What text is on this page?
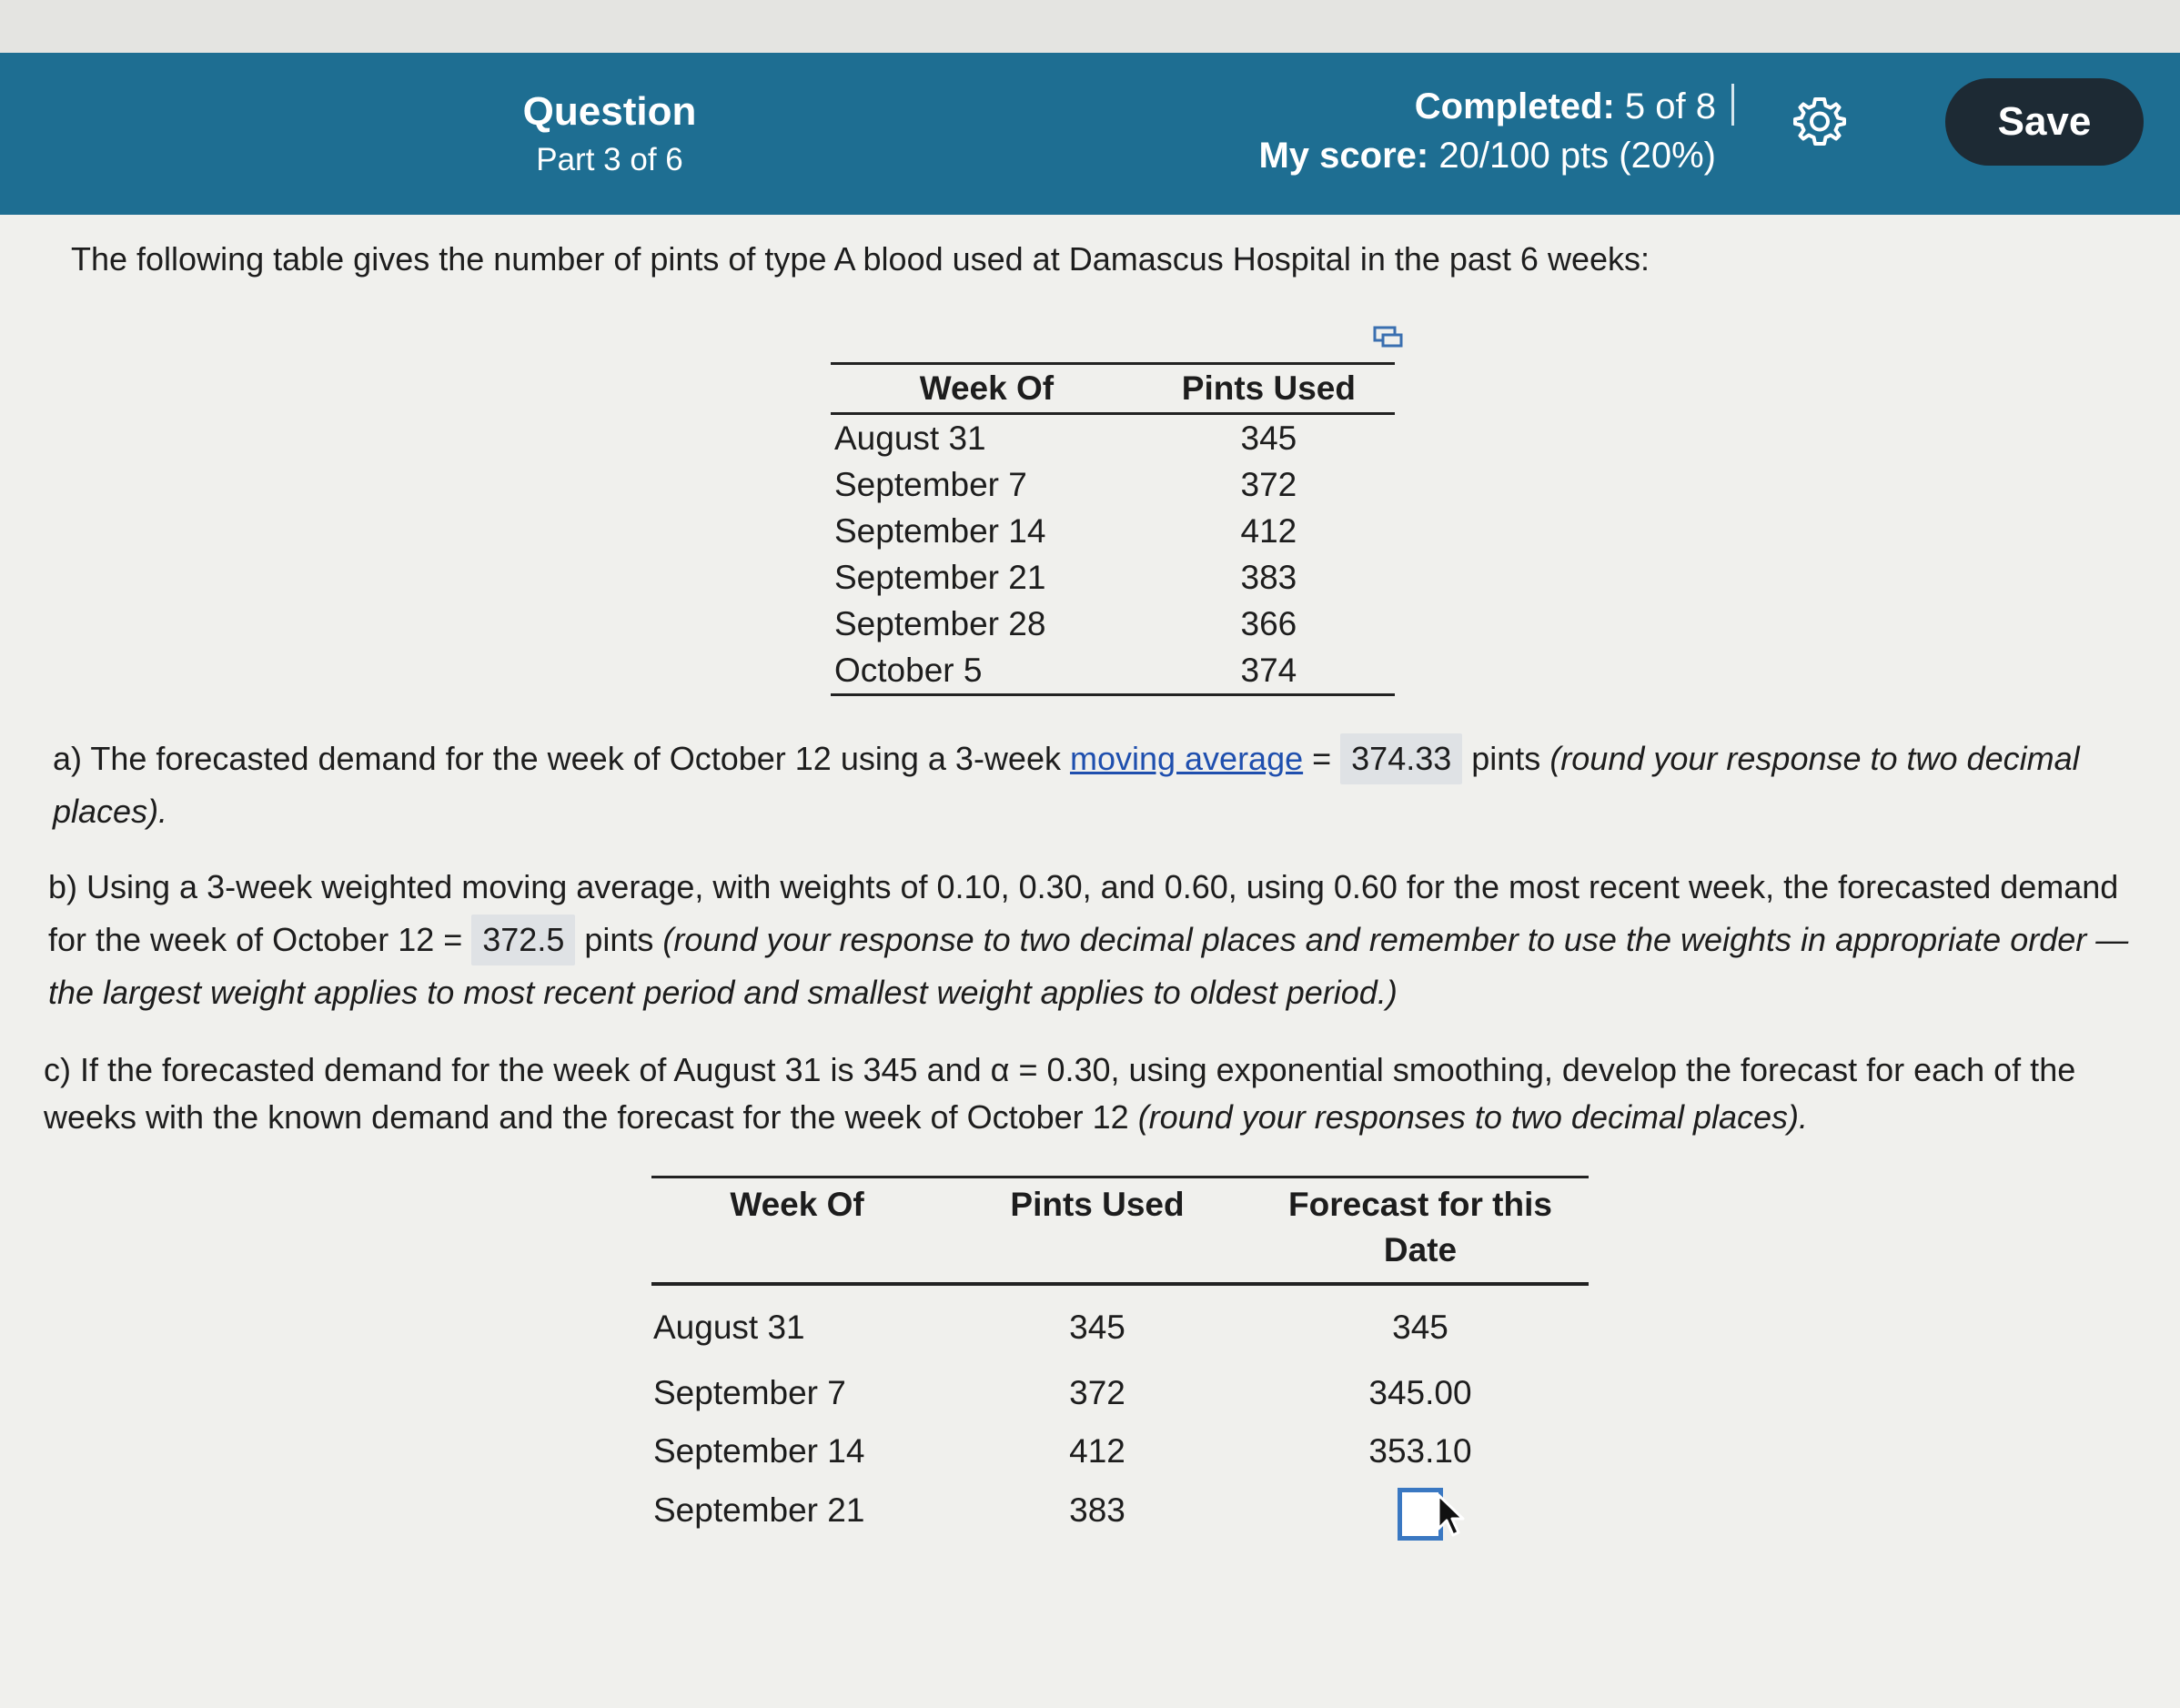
Question
Part 3 of 6
Completed: 5 of 8
My score: 20/100 pts (20%)
Save
The following table gives the number of pints of type A blood used at Damascus Hospital in the past 6 weeks:
Week Of	Pints Used
August 31	345
September 7	372
September 14	412
September 21	383
September 28	366
October 5	374
a) The forecasted demand for the week of October 12 using a 3-week moving average = 374.33 pints (round your response to two decimal places).
b) Using a 3-week weighted moving average, with weights of 0.10, 0.30, and 0.60, using 0.60 for the most recent week, the forecasted demand for the week of October 12 = 372.5 pints (round your response to two decimal places and remember to use the weights in appropriate order — the largest weight applies to most recent period and smallest weight applies to oldest period.)
c) If the forecasted demand for the week of August 31 is 345 and α = 0.30, using exponential smoothing, develop the forecast for each of the weeks with the known demand and the forecast for the week of October 12 (round your responses to two decimal places).
Week Of	Pints Used	Forecast for this Date
August 31	345	345
September 7	372	345.00
September 14	412	353.10
September 21	383	
